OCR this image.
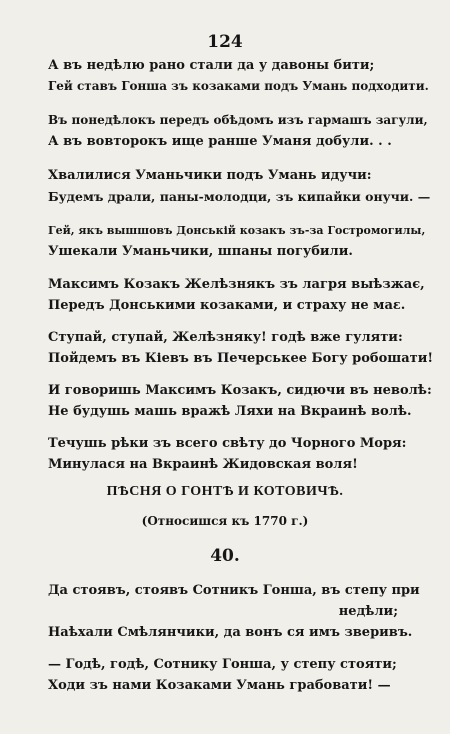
124
А въ недѣлю рано стали да у давоны бити;
Гей ставъ Гонша зъ козаками подъ Умань подходити.
Въ понедѣлокъ передъ обѣдомъ изъ гармашъ загули,
А въ вовторокъ ище ранше Уманя добули. . .
Хвалилися Уманьчики подъ Умань идучи:
Будемъ драли, паны-молодци, зъ кипайки онучи. —
Гей, якъ вышшовъ Донській козакъ зъ-за Гостромогилы,
Ушекали Уманьчики, шпаны погубили.
Максимъ Козакъ Желѣзнякъ зъ лагря выѣзжає,
Передъ Донськими козаками, и страху не маε.
Ступай, ступай, Желѣзняку! годѣ вже гуляти:
Пойдемъ въ Кіевъ въ Печерськее Богу робошати!
И говоришь Максимъ Козакъ, сидючи въ неволѣ:
Не будушь машь вражѣ Ляхи на Вкраинѣ волѣ.
Течушь рѣки зъ всего свѣту до Чорного Моря:
Минулася на Вкраинѣ Жидовская воля!
ПѢСНЯ О ГОНТѢ И КОТОВИЧѢ.
(Относишся къ 1770 г.)
40.
Да стоявъ, стоявъ Сотникъ Гонша, въ степу при
недѣли;
Наѣхали Смѣлянчики, да вонъ ся имъ зверивъ.
— Годѣ, годѣ, Сотнику Гонша, у степу стояти;
Ходи зъ нами Козаками Умань грабовати! —
